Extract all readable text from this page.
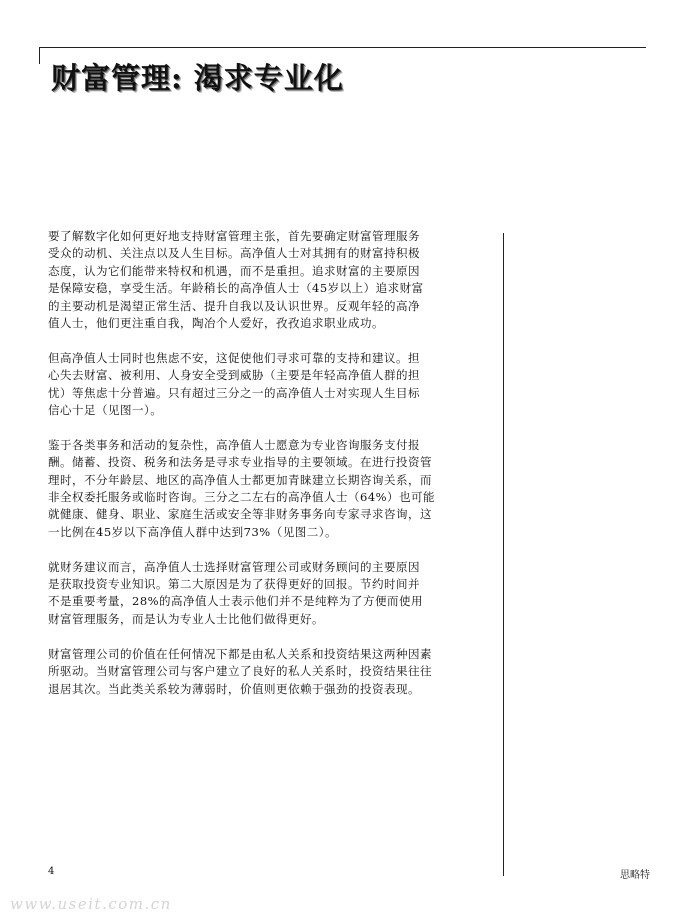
财富管理: 渴求专业化

要了解数字化如何更好地支持财富管理主张，首先要确定财富管理服务
受众的动机、关注点以及人生目标。高净值人士对其拥有的财富持积极
态度，认为它们能带来特权和机遇，而不是重担。追求财富的主要原因
是保障安稳，享受生活。年龄稍长的高净值人士（45岁以上）追求财富
的主要动机是渴望正常生活、提升自我以及认识世界。反观年轻的高净
值人士，他们更注重自我，陶冶个人爱好，孜孜追求职业成功。

但高净值人士同时也焦虑不安，这促使他们寻求可靠的支持和建议。担
心失去财富、被利用、人身安全受到威胁（主要是年轻高净值人群的担
忧）等焦虑十分普遍。只有超过三分之一的高净值人士对实现人生目标
信心十足（见图一）。

鉴于各类事务和活动的复杂性，高净值人士愿意为专业咨询服务支付报
酬。储蓄、投资、税务和法务是寻求专业指导的主要领域。在进行投资管
理时，不分年龄层、地区的高净值人士都更加青睐建立长期咨询关系，而
非全权委托服务或临时咨询。三分之二左右的高净值人士（64%）也可能
就健康、健身、职业、家庭生活或安全等非财务事务向专家寻求咨询，这
一比例在45岁以下高净值人群中达到73%（见图二）。

就财务建议而言，高净值人士选择财富管理公司或财务顾问的主要原因
是获取投资专业知识。第二大原因是为了获得更好的回报。节约时间并
不是重要考量，28%的高净值人士表示他们并不是纯粹为了方便而使用
财富管理服务，而是认为专业人士比他们做得更好。

财富管理公司的价值在任何情况下都是由私人关系和投资结果这两种因素
所驱动。当财富管理公司与客户建立了良好的私人关系时，投资结果往往
退居其次。当此类关系较为薄弱时，价值则更依赖于强劲的投资表现。

4	思略特
www.useit.com.cn
